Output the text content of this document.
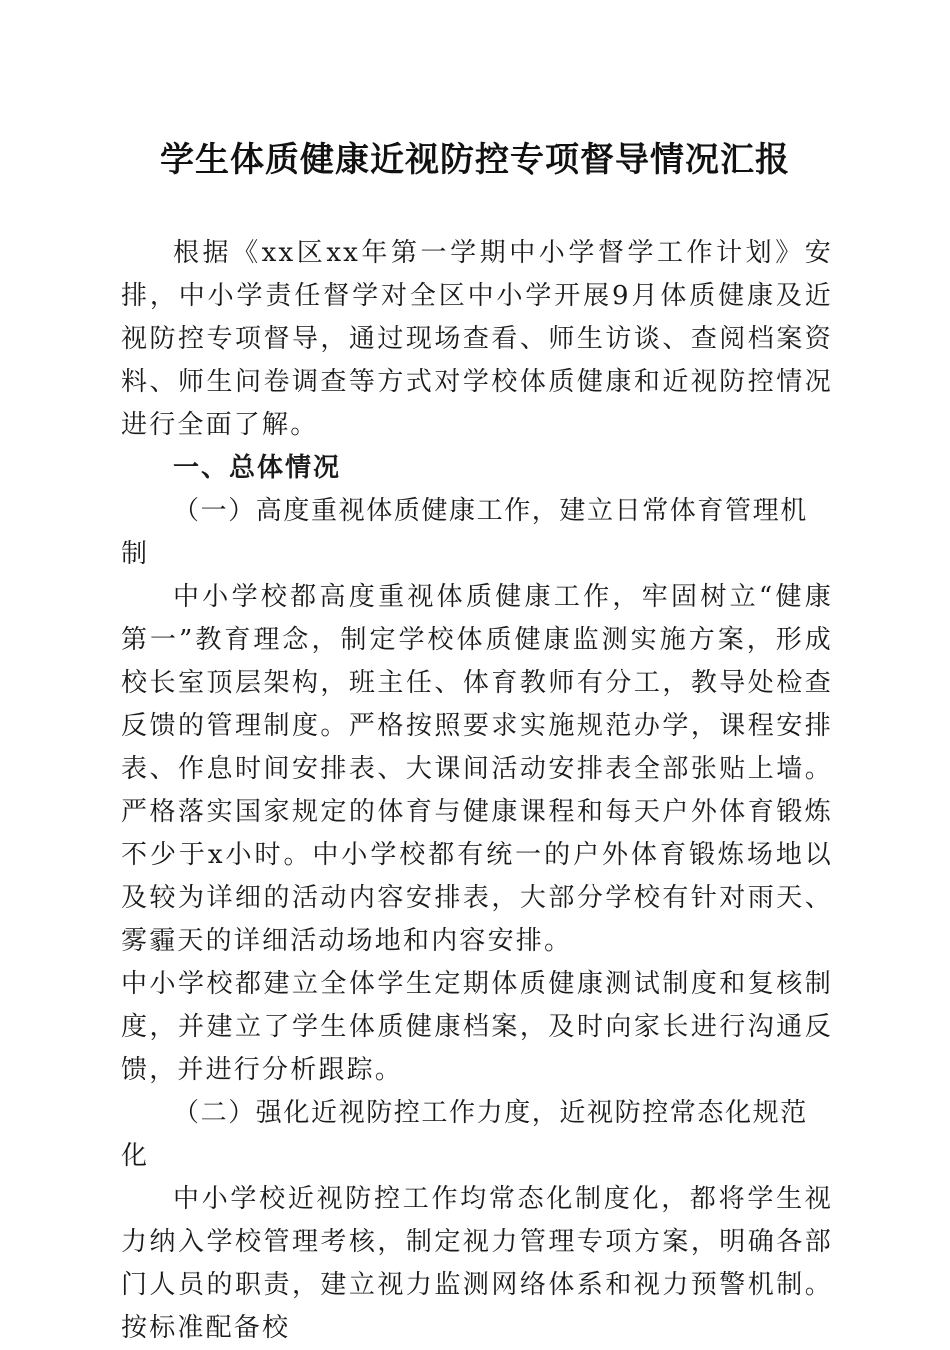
学生体质健康近视防控专项督导情况汇报

根据《xx区xx年第一学期中小学督学工作计划》安排，中小学责任督学对全区中小学开展9月体质健康及近视防控专项督导，通过现场查看、师生访谈、查阅档案资料、师生问卷调查等方式对学校体质健康和近视防控情况进行全面了解。

一、总体情况

（一）高度重视体质健康工作，建立日常体育管理机制

中小学校都高度重视体质健康工作，牢固树立“健康第一”教育理念，制定学校体质健康监测实施方案，形成校长室顶层架构，班主任、体育教师有分工，教导处检查反馈的管理制度。严格按照要求实施规范办学，课程安排表、作息时间安排表、大课间活动安排表全部张贴上墙。严格落实国家规定的体育与健康课程和每天户外体育锻炼不少于x小时。中小学校都有统一的户外体育锻炼场地以及较为详细的活动内容安排表，大部分学校有针对雨天、雾霾天的详细活动场地和内容安排。

中小学校都建立全体学生定期体质健康测试制度和复核制度，并建立了学生体质健康档案，及时向家长进行沟通反馈，并进行分析跟踪。

（二）强化近视防控工作力度，近视防控常态化规范化

中小学校近视防控工作均常态化制度化，都将学生视力纳入学校管理考核，制定视力管理专项方案，明确各部门人员的职责，建立视力监测网络体系和视力预警机制。按标准配备校
